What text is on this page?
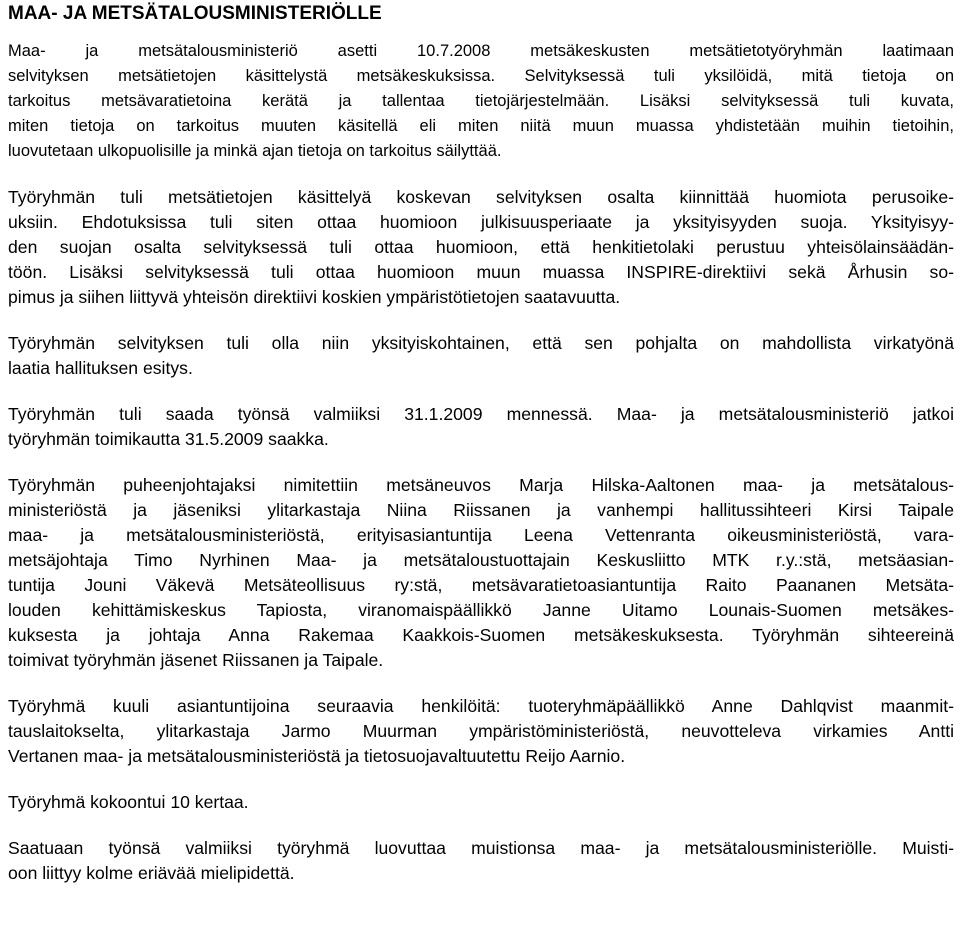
MAA- JA METSÄTALOUSMINISTERIÖLLE
Maa- ja metsätalousministeriö asetti 10.7.2008 metsäkeskusten metsätietotyöryhmän laatimaan
selvityksen metsätietojen käsittelystä metsäkeskuksissa. Selvityksessä tuli yksilöidä, mitä tietoja on
tarkoitus metsävaratietoina kerätä ja tallentaa tietojärjestelmään. Lisäksi selvityksessä tuli kuvata,
miten tietoja on tarkoitus muuten käsitellä eli miten niitä muun muassa yhdistetään muihin tietoihin,
luovutetaan ulkopuolisille ja minkä ajan tietoja on tarkoitus säilyttää.
Työryhmän tuli metsätietojen käsittelyä koskevan selvityksen osalta kiinnittää huomiota perusoike-
uksiin. Ehdotuksissa tuli siten ottaa huomioon julkisuusperiaate ja yksityisyyden suoja. Yksityisyy-
den suojan osalta selvityksessä tuli ottaa huomioon, että henkitietolaki perustuu yhteisölainsäädän-
töön. Lisäksi selvityksessä tuli ottaa huomioon muun muassa INSPIRE-direktiivi sekä Århusin so-
pimus ja siihen liittyvä yhteisön direktiivi koskien ympäristötietojen saatavuutta.
Työryhmän selvityksen tuli olla niin yksityiskohtainen, että sen pohjalta on mahdollista virkatyönä
laatia hallituksen esitys.
Työryhmän tuli saada työnsä valmiiksi 31.1.2009 mennessä. Maa- ja metsätalousministeriö jatkoi
työryhmän toimikautta 31.5.2009 saakka.
Työryhmän puheenjohtajaksi nimitettiin metsäneuvos Marja Hilska-Aaltonen maa- ja metsätalous-
ministeriöstä ja jäseniksi ylitarkastaja Niina Riissanen ja vanhempi hallitussihteeri Kirsi Taipale
maa- ja metsätalousministeriöstä, erityisasiantuntija Leena Vettenranta oikeusministeriöstä, vara-
metsäjohtaja Timo Nyrhinen Maa- ja metsätaloustuottajain Keskusliitto MTK r.y.:stä, metsäasian-
tuntija Jouni Väkevä Metsäteollisuus ry:stä, metsävaratietoasiantuntija Raito Paananen Metsäta-
louden kehittämiskeskus Tapiosta, viranomaispäällikkö Janne Uitamo Lounais-Suomen metsäkes-
kuksesta ja johtaja Anna Rakemaa Kaakkois-Suomen metsäkeskuksesta. Työryhmän sihteereinä
toimivat työryhmän jäsenet Riissanen ja Taipale.
Työryhmä kuuli asiantuntijoina seuraavia henkilöitä: tuoteryhmäpäällikkö Anne Dahlqvist maanmit-
tauslaitokselta, ylitarkastaja Jarmo Muurman ympäristöministeriöstä, neuvotteleva virkamies Antti
Vertanen maa- ja metsätalousministeriöstä ja tietosuojavaltuutettu Reijo Aarnio.
Työryhmä kokoontui 10 kertaa.
Saatuaan työnsä valmiiksi työryhmä luovuttaa muistionsa maa- ja metsätalousministeriölle. Muisti-
oon liittyy kolme eriävää mielipidettä.
